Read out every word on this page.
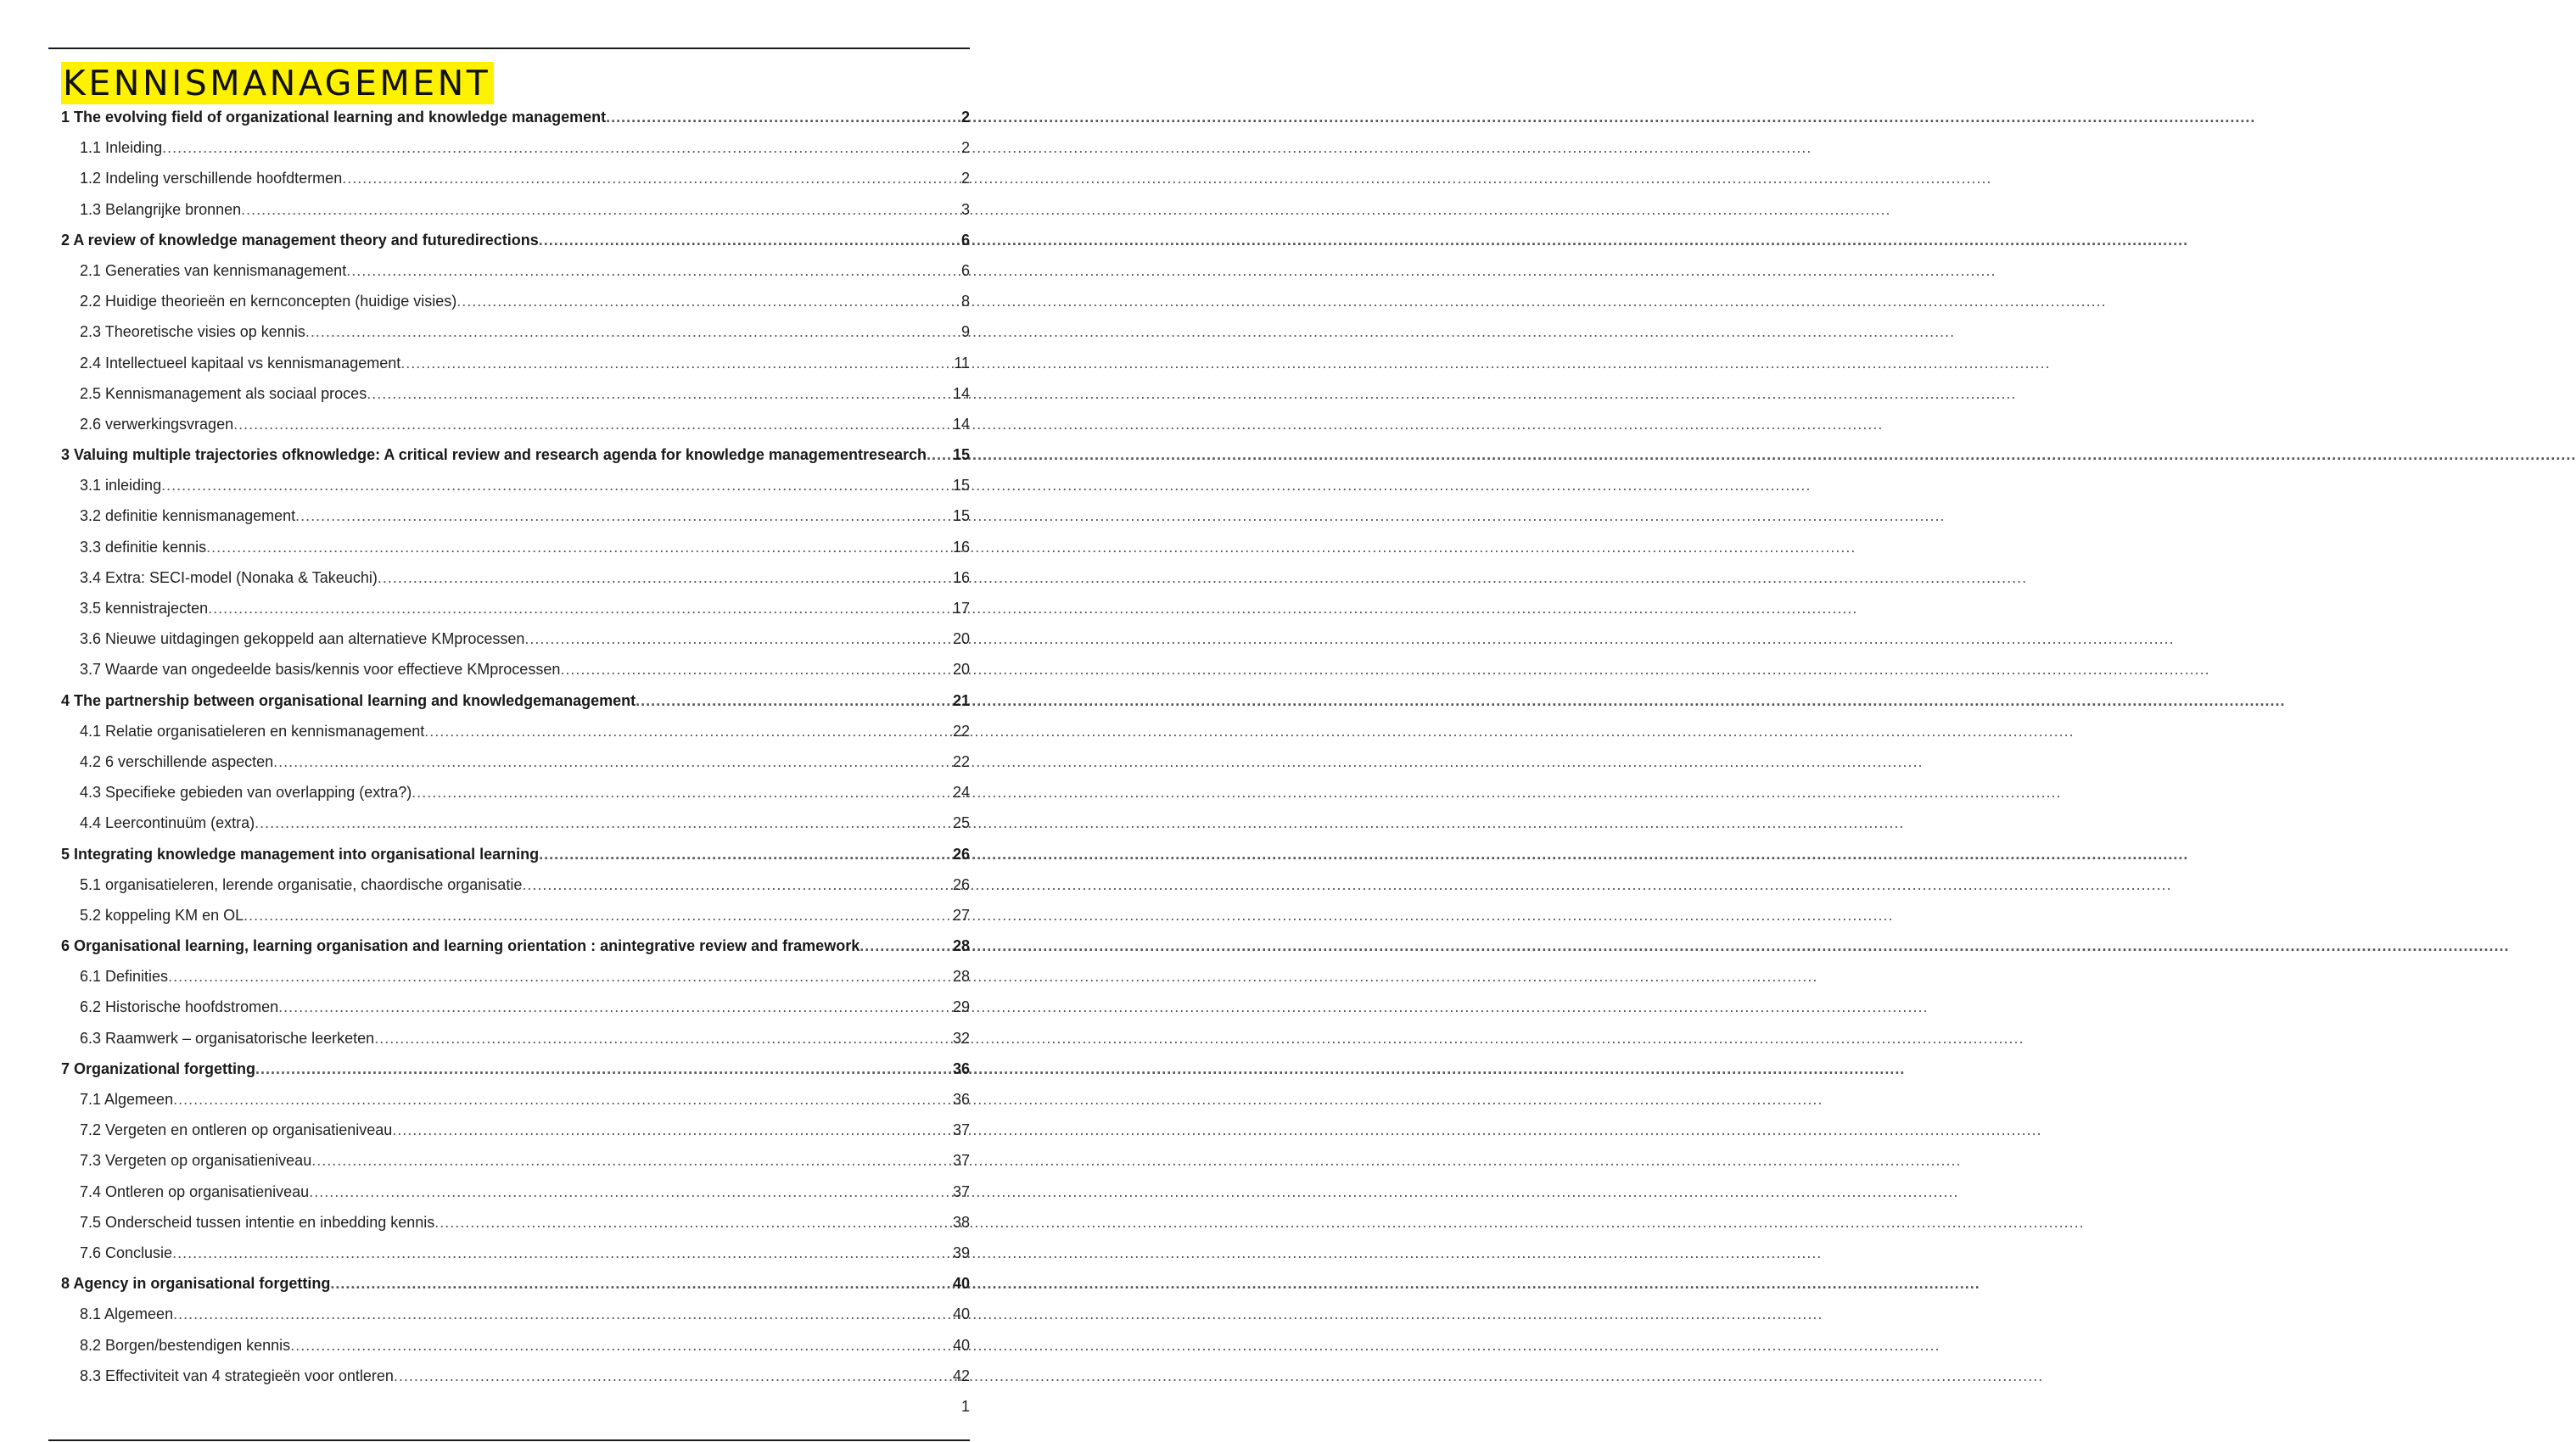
KENNISMANAGEMENT
1 The evolving field of organizational learning and knowledge management .....	2
1.1 Inleiding .....	2
1.2 Indeling verschillende hoofdtermen .....	2
1.3 Belangrijke bronnen .....	3
2 A review of knowledge management theory and futuredirections .....	6
2.1 Generaties van kennismanagement .....	6
2.2 Huidige theorieën en kernconcepten (huidige visies) .....	8
2.3 Theoretische visies op kennis .....	9
2.4 Intellectueel kapitaal vs kennismanagement .....	11
2.5 Kennismanagement als sociaal proces .....	14
2.6 verwerkingsvragen .....	14
3 Valuing multiple trajectories ofknowledge: A critical review and research agenda for knowledge managementresearch ..... 15
3.1 inleiding .....	15
3.2 definitie kennismanagement .....	15
3.3 definitie kennis .....	16
3.4 Extra: SECI-model (Nonaka & Takeuchi) .....	16
3.5 kennistrajecten .....	17
3.6 Nieuwe uitdagingen gekoppeld aan alternatieve KMprocessen .....	20
3.7 Waarde van ongedeelde basis/kennis voor effectieve KMprocessen .....	20
4 The partnership between organisational learning and knowledgemanagement .....	21
4.1 Relatie organisatieleren en kennismanagement .....	22
4.2 6 verschillende aspecten .....	22
4.3 Specifieke gebieden van overlapping (extra?) .....	24
4.4 Leercontinuüm (extra) .....	25
5 Integrating knowledge management into organisational learning .....	26
5.1 organisatieleren, lerende organisatie, chaordische organisatie .....	26
5.2 koppeling KM en OL .....	27
6 Organisational learning, learning organisation and learning orientation : anintegrative review and framework .....	28
6.1 Definities .....	28
6.2 Historische hoofdstromen .....	29
6.3 Raamwerk – organisatorische leerketen .....	32
7 Organizational forgetting .....	36
7.1 Algemeen .....	36
7.2 Vergeten en ontleren op organisatieniveau .....	37
7.3 Vergeten op organisatieniveau .....	37
7.4 Ontleren op organisatieniveau .....	37
7.5 Onderscheid tussen intentie en inbedding kennis .....	38
7.6 Conclusie .....	39
8 Agency in organisational forgetting .....	40
8.1 Algemeen .....	40
8.2 Borgen/bestendigen kennis .....	40
8.3 Effectiviteit van 4 strategieën voor ontleren .....	42
1
